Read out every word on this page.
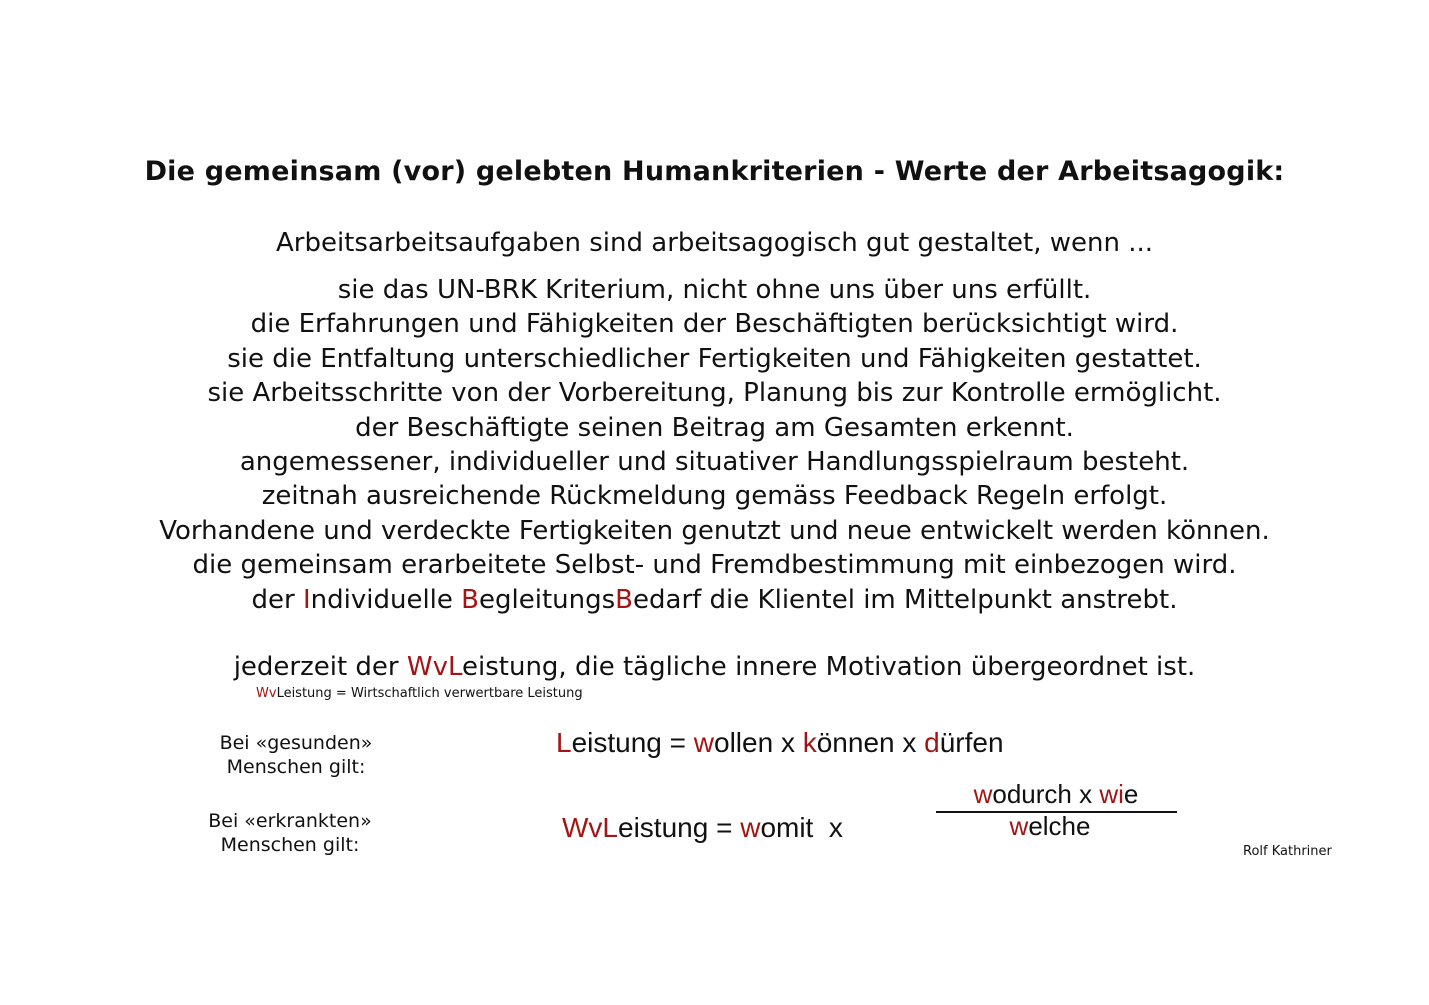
Die gemeinsam (vor) gelebten Humankriterien - Werte der Arbeitsagogik:
Arbeitsarbeitsaufgaben sind arbeitsagogisch gut gestaltet, wenn ...
sie das UN-BRK Kriterium, nicht ohne uns über uns erfüllt.
die Erfahrungen und Fähigkeiten der Beschäftigten berücksichtigt wird.
sie die Entfaltung unterschiedlicher Fertigkeiten und Fähigkeiten gestattet.
sie Arbeitsschritte von der Vorbereitung, Planung bis zur Kontrolle ermöglicht.
der Beschäftigte seinen Beitrag am Gesamten erkennt.
angemessener, individueller und situativer Handlungsspielraum besteht.
zeitnah ausreichende Rückmeldung gemäss Feedback Regeln erfolgt.
Vorhandene und verdeckte Fertigkeiten genutzt und neue entwickelt werden können.
die gemeinsam erarbeitete Selbst- und Fremdbestimmung mit einbezogen wird.
der Individuelle BegleitungsBedarf die Klientel im Mittelpunkt anstrebt.
jederzeit der WvLeistung, die tägliche innere Motivation übergeordnet ist.
WvLeistung = Wirtschaftlich verwertbare Leistung
Bei «gesunden»
Menschen gilt:
Bei «erkrankten»
Menschen gilt:
Leistung = wollen x können x dürfen
WvLeistung = womit  x
wodurch x wie
welche
Rolf Kathriner
